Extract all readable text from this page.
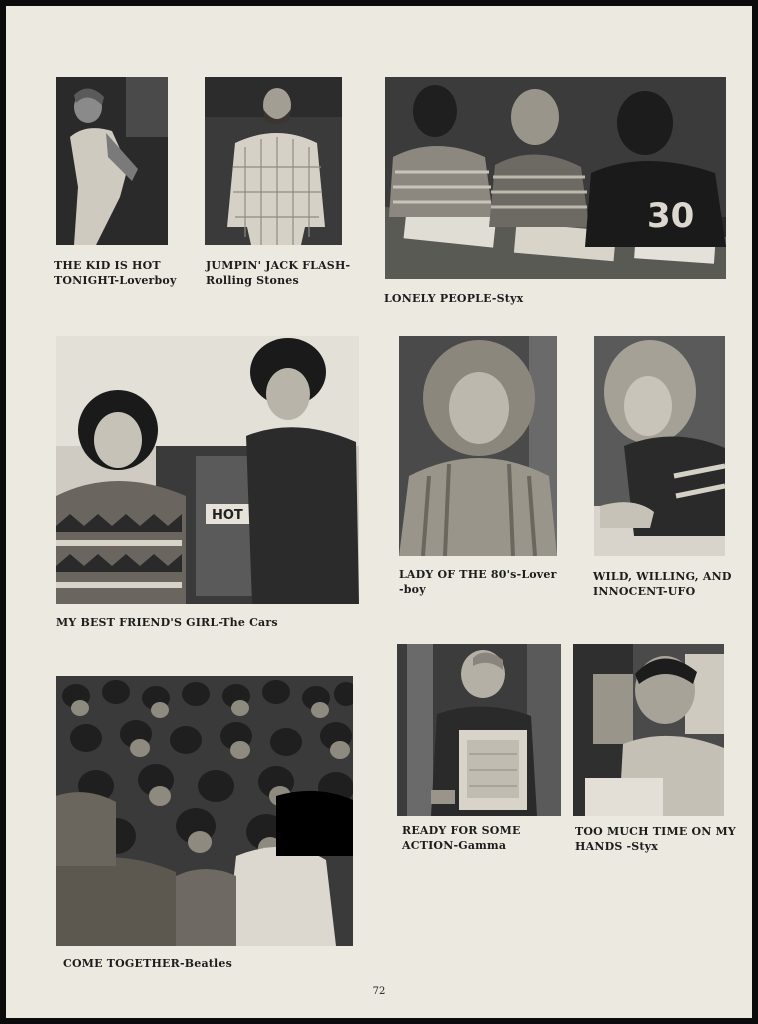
THE KID IS HOT
TONIGHT-Loverboy
JUMPIN' JACK FLASH-
Rolling Stones
30
LONELY PEOPLE-Styx
HOT
MY BEST FRIEND'S GIRL-The Cars
LADY OF THE 80's-Lover
-boy
WILD, WILLING, AND
INNOCENT-UFO
COME TOGETHER-Beatles
READY FOR SOME
ACTION-Gamma
TOO MUCH TIME ON MY
HANDS -Styx
72
